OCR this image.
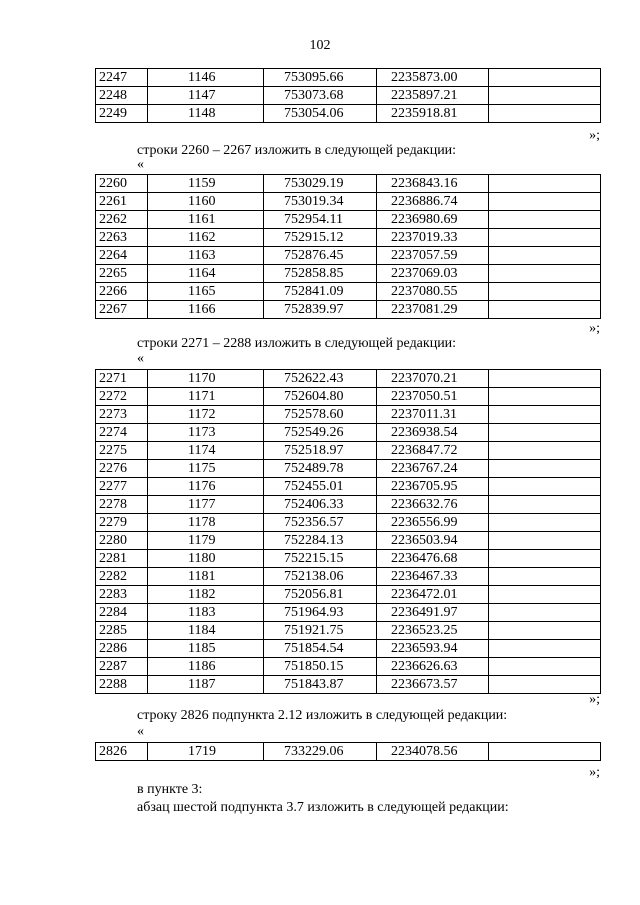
102
2247	1146	753095.66	2235873.00	
2248	1147	753073.68	2235897.21	
2249	1148	753054.06	2235918.81	
»;
строки 2260 – 2267 изложить в следующей редакции:
«
2260	1159	753029.19	2236843.16	
2261	1160	753019.34	2236886.74	
2262	1161	752954.11	2236980.69	
2263	1162	752915.12	2237019.33	
2264	1163	752876.45	2237057.59	
2265	1164	752858.85	2237069.03	
2266	1165	752841.09	2237080.55	
2267	1166	752839.97	2237081.29	
»;
строки 2271 – 2288 изложить в следующей редакции:
«
2271	1170	752622.43	2237070.21	
2272	1171	752604.80	2237050.51	
2273	1172	752578.60	2237011.31	
2274	1173	752549.26	2236938.54	
2275	1174	752518.97	2236847.72	
2276	1175	752489.78	2236767.24	
2277	1176	752455.01	2236705.95	
2278	1177	752406.33	2236632.76	
2279	1178	752356.57	2236556.99	
2280	1179	752284.13	2236503.94	
2281	1180	752215.15	2236476.68	
2282	1181	752138.06	2236467.33	
2283	1182	752056.81	2236472.01	
2284	1183	751964.93	2236491.97	
2285	1184	751921.75	2236523.25	
2286	1185	751854.54	2236593.94	
2287	1186	751850.15	2236626.63	
2288	1187	751843.87	2236673.57	
»;
строку 2826 подпункта 2.12 изложить в следующей редакции:
«
2826	1719	733229.06	2234078.56	
»;
в пункте 3:
абзац шестой подпункта 3.7 изложить в следующей редакции:
